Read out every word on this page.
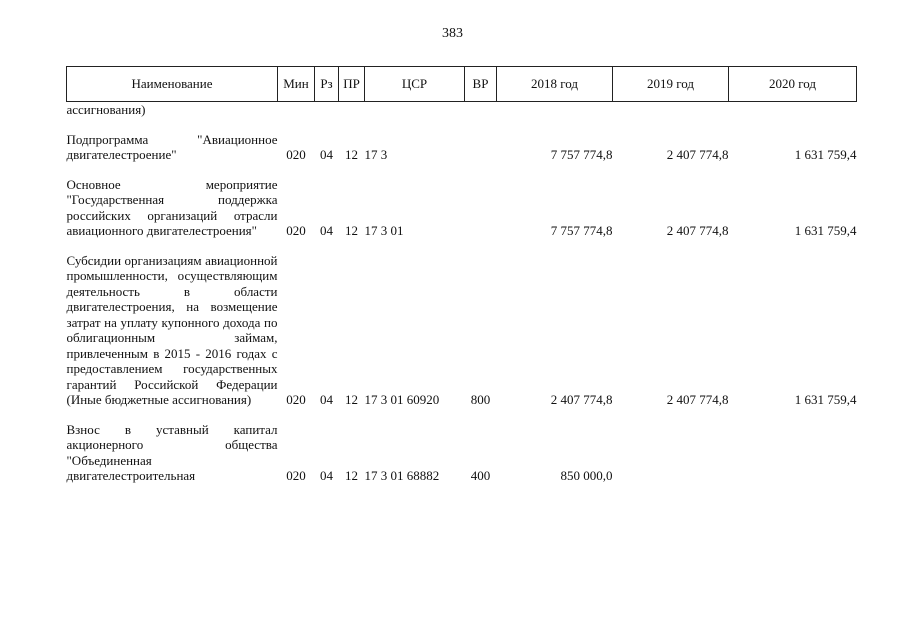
383
Наименование	Мин	Рз	ПР	ЦСР	ВР	2018 год	2019 год	2020 год
ассигнования)								

Подпрограмма "Авиационное двигателестроение"	020	04	12	17 3		7 757 774,8	2 407 774,8	1 631 759,4

Основное мероприятие "Государственная поддержка российских организаций отрасли авиационного двигателестроения"	020	04	12	17 3 01		7 757 774,8	2 407 774,8	1 631 759,4

Субсидии организациям авиационной промышленности, осуществляющим деятельность в области двигателестроения, на возмещение затрат на уплату купонного дохода по облигационным займам, привлеченным в 2015 - 2016 годах с предоставлением государственных гарантий Российской Федерации (Иные бюджетные ассигнования)	020	04	12	17 3 01 60920	800	2 407 774,8	2 407 774,8	1 631 759,4

Взнос в уставный капитал акционерного общества "Объединенная двигателестроительная	020	04	12	17 3 01 68882	400	850 000,0		
